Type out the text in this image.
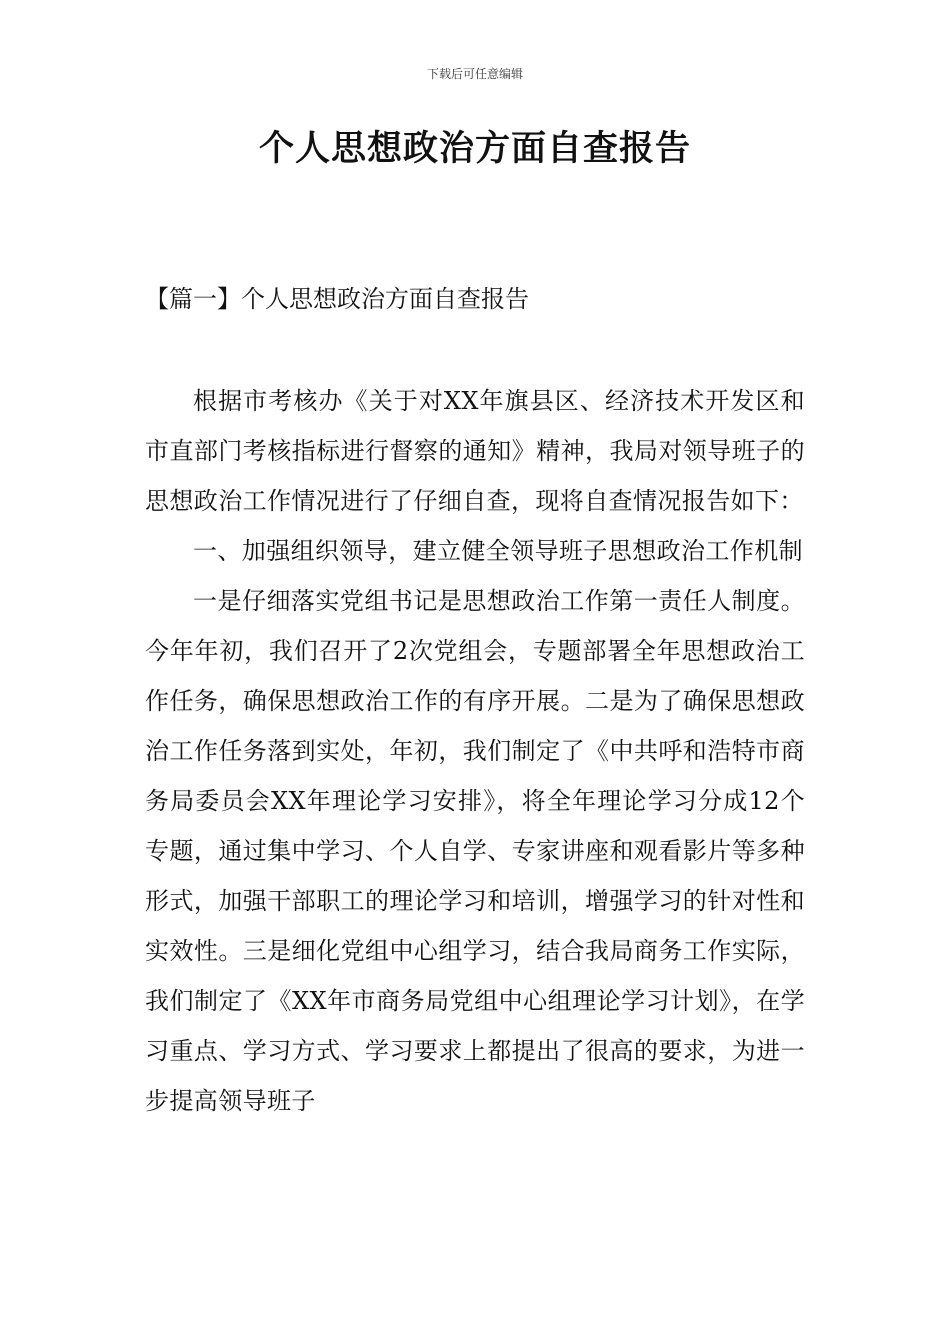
下载后可任意编辑
个人思想政治方面自查报告
【篇一】个人思想政治方面自查报告

根据市考核办《关于对XX年旗县区、经济技术开发区和市直部门考核指标进行督察的通知》精神，我局对领导班子的思想政治工作情况进行了仔细自查，现将自查情况报告如下：

一、加强组织领导，建立健全领导班子思想政治工作机制

一是仔细落实党组书记是思想政治工作第一责任人制度。今年年初，我们召开了2次党组会，专题部署全年思想政治工作任务，确保思想政治工作的有序开展。二是为了确保思想政治工作任务落到实处，年初，我们制定了《中共呼和浩特市商务局委员会XX年理论学习安排》，将全年理论学习分成12个专题，通过集中学习、个人自学、专家讲座和观看影片等多种形式，加强干部职工的理论学习和培训，增强学习的针对性和实效性。三是细化党组中心组学习，结合我局商务工作实际，我们制定了《XX年市商务局党组中心组理论学习计划》，在学习重点、学习方式、学习要求上都提出了很高的要求，为进一步提高领导班子
